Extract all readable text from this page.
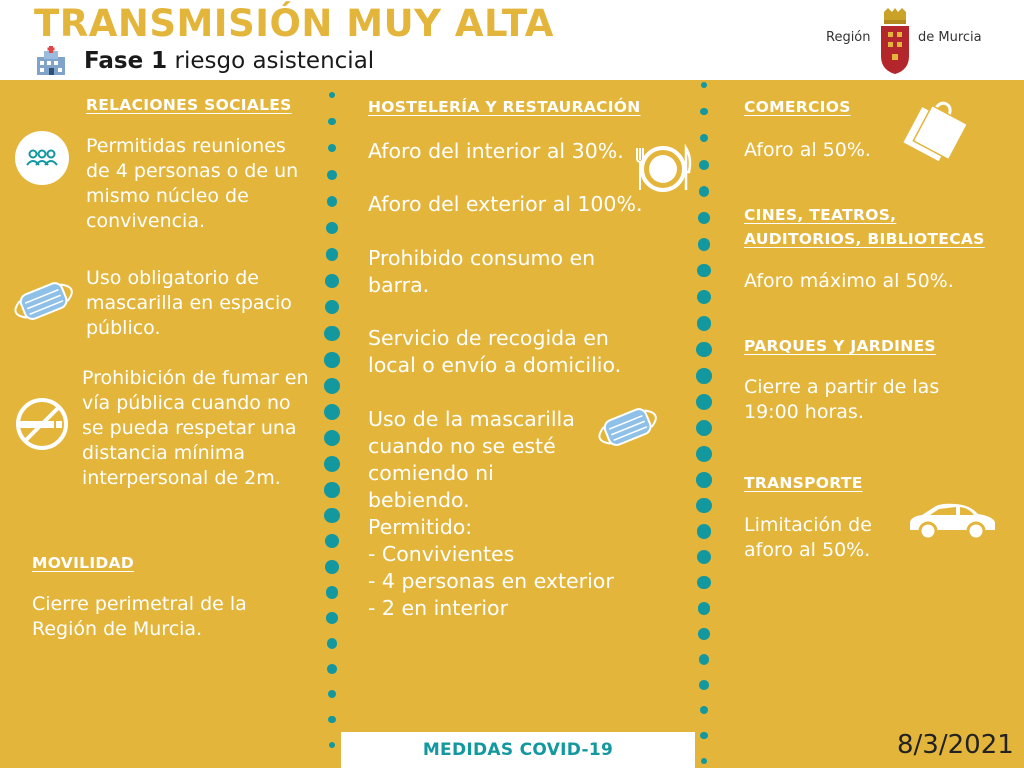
TRANSMISIÓN MUY ALTA
Fase 1 riesgo asistencial
Región	de Murcia
RELACIONES SOCIALES
Permitidas reuniones de 4 personas o de un mismo núcleo de convivencia.
Uso obligatorio de mascarilla en espacio público.
Prohibición de fumar en vía pública cuando no se pueda respetar una distancia mínima interpersonal de 2m.
MOVILIDAD
Cierre perimetral de la Región de Murcia.
HOSTELERÍA Y RESTAURACIÓN
Aforo del interior al 30%.
Aforo del exterior al 100%.
Prohibido consumo en barra.
Servicio de recogida en local o envío a domicilio.
Uso de la mascarilla cuando no se esté comiendo ni bebiendo.
Permitido:
- Convivientes
- 4 personas en exterior
- 2 en interior
COMERCIOS
Aforo al 50%.
CINES, TEATROS,
AUDITORIOS, BIBLIOTECAS
Aforo máximo al 50%.
PARQUES Y JARDINES
Cierre a partir de las 19:00 horas.
TRANSPORTE
Limitación de aforo al 50%.
MEDIDAS COVID-19	8/3/2021
